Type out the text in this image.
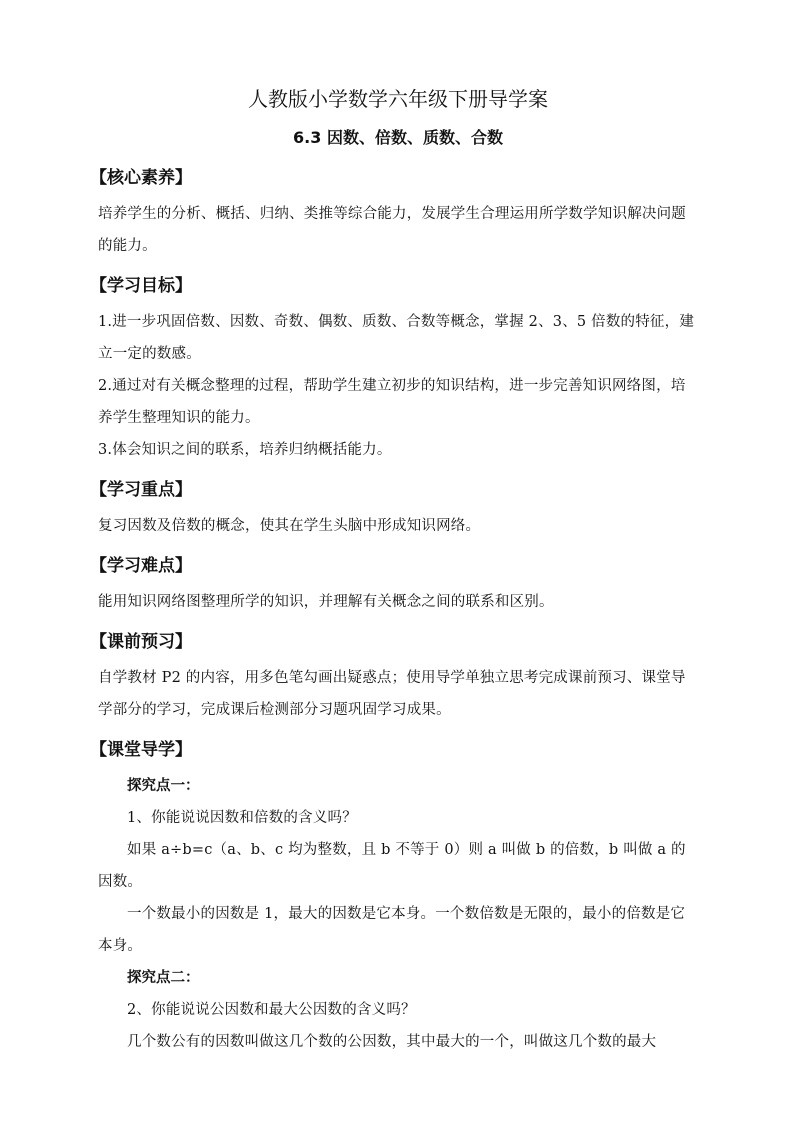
人教版小学数学六年级下册导学案
6.3 因数、倍数、质数、合数
【核心素养】

培养学生的分析、概括、归纳、类推等综合能力，发展学生合理运用所学数学知识解决问题的能力。

【学习目标】

1.进一步巩固倍数、因数、奇数、偶数、质数、合数等概念，掌握 2、3、5 倍数的特征，建立一定的数感。

2.通过对有关概念整理的过程，帮助学生建立初步的知识结构，进一步完善知识网络图，培养学生整理知识的能力。

3.体会知识之间的联系，培养归纳概括能力。

【学习重点】

复习因数及倍数的概念，使其在学生头脑中形成知识网络。

【学习难点】

能用知识网络图整理所学的知识，并理解有关概念之间的联系和区别。

【课前预习】

自学教材 P2 的内容，用多色笔勾画出疑惑点；使用导学单独立思考完成课前预习、课堂导学部分的学习，完成课后检测部分习题巩固学习成果。

【课堂导学】

探究点一：

1、你能说说因数和倍数的含义吗？

如果 a÷b=c（a、b、c 均为整数，且 b 不等于 0）则 a 叫做 b 的倍数，b 叫做 a 的因数。

一个数最小的因数是 1，最大的因数是它本身。一个数倍数是无限的，最小的倍数是它本身。

探究点二：

2、你能说说公因数和最大公因数的含义吗？

几个数公有的因数叫做这几个数的公因数，其中最大的一个，叫做这几个数的最大
